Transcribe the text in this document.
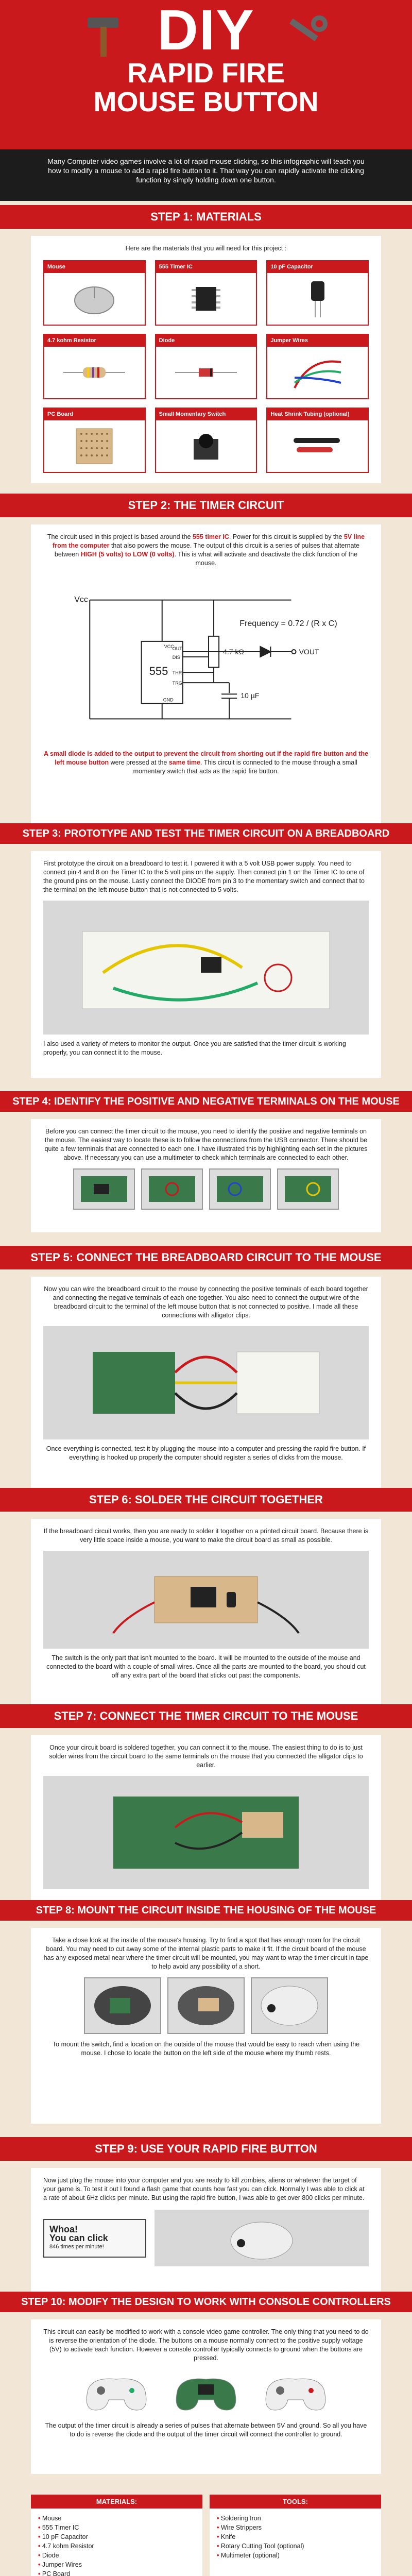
DIY
RAPID FIRE
MOUSE BUTTON
Many Computer video games involve a lot of rapid mouse clicking, so this infographic will teach you how to modify a mouse to add a rapid fire button to it. That way you can rapidly activate the clicking function by simply holding down one button.
STEP 1: MATERIALS
Here are the materials that you will need for this project :
Mouse	555 Timer IC	10 pF Capacitor
4.7 kohm Resistor	Diode	Jumper Wires
PC Board	Small Momentary Switch	Heat Shrink Tubing (optional)
STEP 2: THE TIMER CIRCUIT
The circuit used in this project is based around the 555 timer IC. Power for this circuit is supplied by the 5V line from the computer that also powers the mouse. The output of this circuit is a series of pulses that alternate between HIGH (5 volts) to LOW (0 volts). This is what will activate and deactivate the click function of the mouse.
Vcc
555
VCC
DIS
THR
TRG
GND
OUT	4.7 kΩ
10 µF
VOUT
Frequency = 0.72 / (R x C)
A small diode is added to the output to prevent the circuit from shorting out if the rapid fire button and the left mouse button were pressed at the same time. This circuit is connected to the mouse through a small momentary switch that acts as the rapid fire button.
STEP 3: PROTOTYPE AND TEST THE TIMER CIRCUIT ON A BREADBOARD
First prototype the circuit on a breadboard to test it. I powered it with a 5 volt USB power supply. You need to connect pin 4 and 8 on the Timer IC to the 5 volt pins on the supply. Then connect pin 1 on the Timer IC to one of the ground pins on the mouse. Lastly connect the DIODE from pin 3 to the momentary switch and connect that to the terminal on the left mouse button that is not connected to 5 volts.
I also used a variety of meters to monitor the output. Once you are satisfied that the timer circuit is working properly, you can connect it to the mouse.
STEP 4: IDENTIFY THE POSITIVE AND NEGATIVE TERMINALS ON THE MOUSE
Before you can connect the timer circuit to the mouse, you need to identify the positive and negative terminals on the mouse. The easiest way to locate these is to follow the connections from the USB connector. There should be quite a few terminals that are connected to each one. I have illustrated this by highlighting each set in the pictures above. If necessary you can use a multimeter to check which terminals are connected to each other.
STEP 5: CONNECT THE BREADBOARD CIRCUIT TO THE MOUSE
Now you can wire the breadboard circuit to the mouse by connecting the positive terminals of each board together and connecting the negative terminals of each one together. You also need to connect the output wire of the breadboard circuit to the terminal of the left mouse button that is not connected to positive. I made all these connections with alligator clips.
Once everything is connected, test it by plugging the mouse into a computer and pressing the rapid fire button. If everything is hooked up properly the computer should register a series of clicks from the mouse.
STEP 6: SOLDER THE CIRCUIT TOGETHER
If the breadboard circuit works, then you are ready to solder it together on a printed circuit board. Because there is very little space inside a mouse, you want to make the circuit board as small as possible.
The switch is the only part that isn't mounted to the board. It will be mounted to the outside of the mouse and connected to the board with a couple of small wires. Once all the parts are mounted to the board, you should cut off any extra part of the board that sticks out past the components.
STEP 7: CONNECT THE TIMER CIRCUIT TO THE MOUSE
Once your circuit board is soldered together, you can connect it to the mouse. The easiest thing to do is to just solder wires from the circuit board to the same terminals on the mouse that you connected the alligator clips to earlier.
STEP 8: MOUNT THE CIRCUIT INSIDE THE HOUSING OF THE MOUSE
Take a close look at the inside of the mouse's housing. Try to find a spot that has enough room for the circuit board. You may need to cut away some of the internal plastic parts to make it fit. If the circuit board of the mouse has any exposed metal near where the timer circuit will be mounted, you may want to wrap the timer circuit in tape to help avoid any possibility of a short.
To mount the switch, find a location on the outside of the mouse that would be easy to reach when using the mouse. I chose to locate the button on the left side of the mouse where my thumb rests.
STEP 9: USE YOUR RAPID FIRE BUTTON
Now just plug the mouse into your computer and you are ready to kill zombies, aliens or whatever the target of your game is. To test it out I found a flash game that counts how fast you can click. Normally I was able to click at a rate of about 6Hz clicks per minute. But using the rapid fire button, I was able to get over 800 clicks per minute.
Whoa!
You can click
846 times per minute!
STEP 10: MODIFY THE DESIGN TO WORK WITH CONSOLE CONTROLLERS
This circuit can easily be modified to work with a console video game controller. The only thing that you need to do is reverse the orientation of the diode. The buttons on a mouse normally connect to the positive supply voltage (5V) to activate each function. However a console controller typically connects to ground when the buttons are pressed.
The output of the timer circuit is already a series of pulses that alternate between 5V and ground. So all you have to do is reverse the diode and the output of the timer circuit will connect the controller to ground.
MATERIALS:
• Mouse
• 555 Timer IC
• 10 pF Capacitor
• 4.7 kohm Resistor
• Diode
• Jumper Wires
• PC Board
TOOLS:
• Soldering Iron
• Wire Strippers
• Knife
• Rotary Cutting Tool (optional)
• Multimeter (optional)
